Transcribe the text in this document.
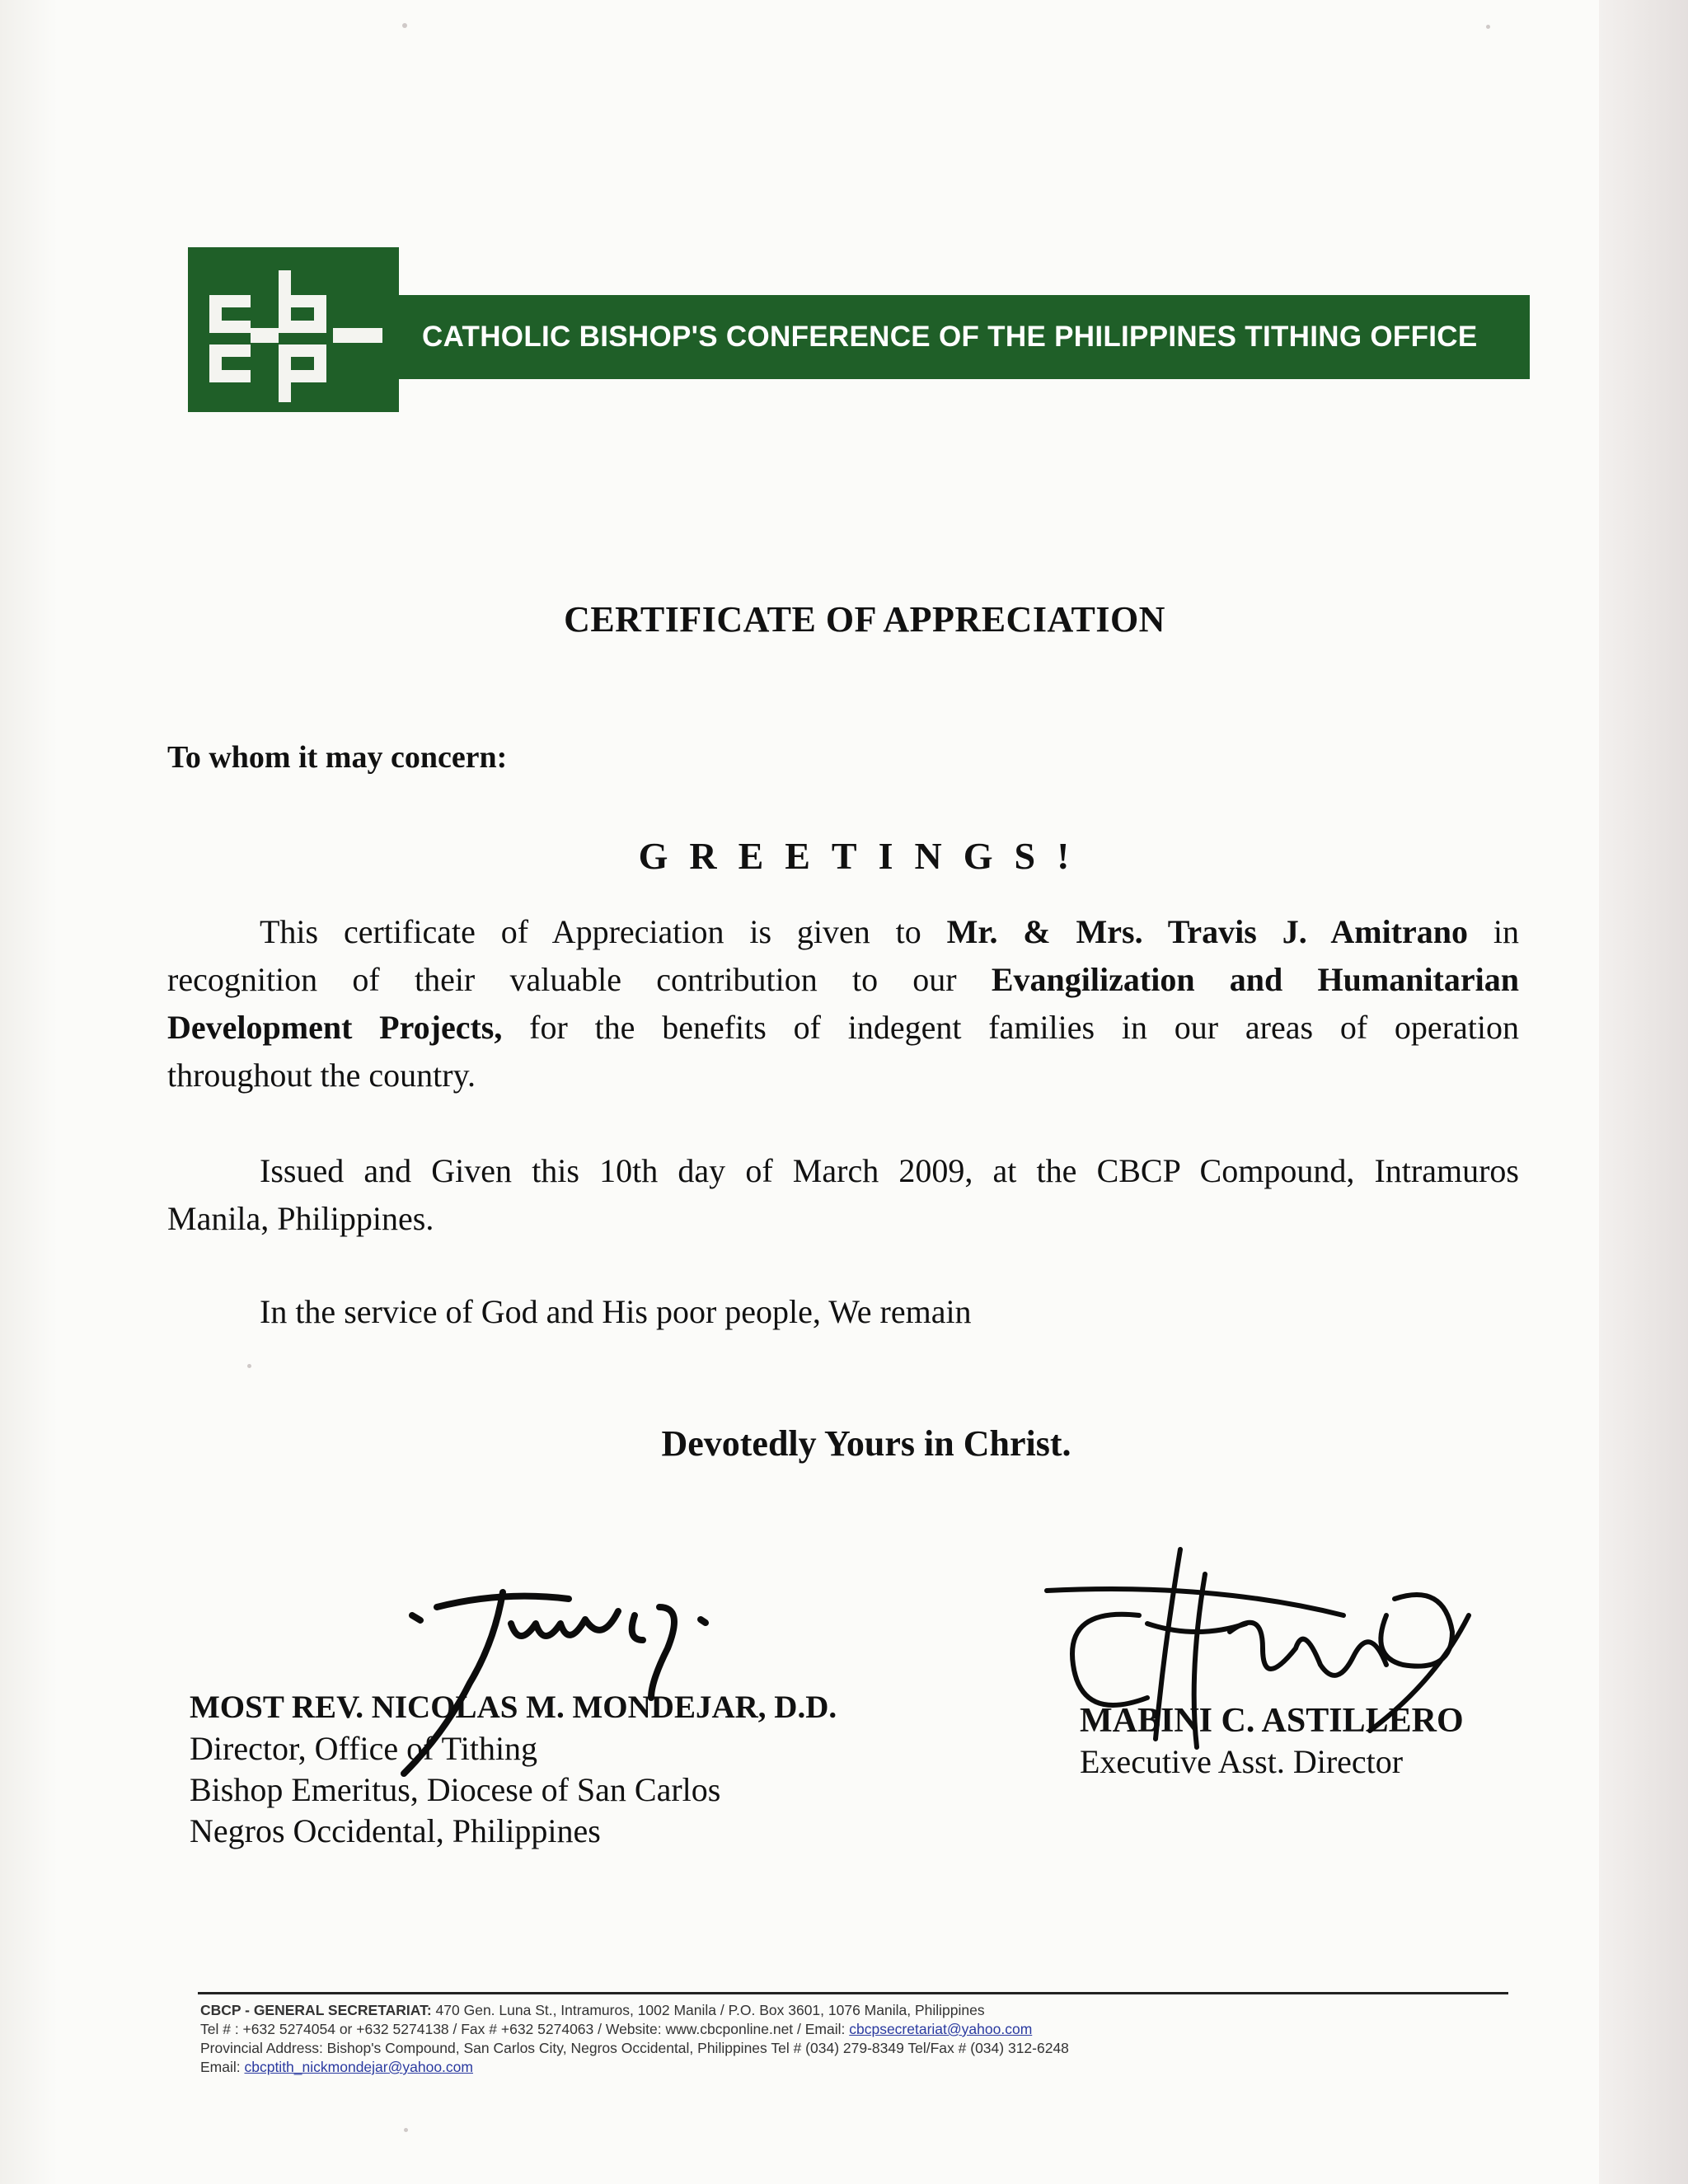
CATHOLIC BISHOP'S CONFERENCE OF THE PHILIPPINES TITHING OFFICE
CERTIFICATE OF APPRECIATION
To whom it may concern:
GREETINGS!
This certificate of Appreciation is given to Mr. & Mrs. Travis J. Amitrano in
recognition of their valuable contribution to our Evangilization and Humanitarian
Development Projects, for the benefits of indegent families in our areas of operation
throughout the country.
Issued and Given this 10th day of March 2009, at the CBCP Compound, Intramuros
Manila, Philippines.
In the service of God and His poor people, We remain
Devotedly Yours in Christ.
MOST REV. NICOLAS M. MONDEJAR, D.D.
Director, Office of Tithing
Bishop Emeritus, Diocese of San Carlos
Negros Occidental, Philippines
MABINI C. ASTILLERO
Executive Asst. Director
CBCP - GENERAL SECRETARIAT: 470 Gen. Luna St., Intramuros, 1002 Manila / P.O. Box 3601, 1076 Manila, Philippines
Tel # : +632 5274054 or +632 5274138 / Fax # +632 5274063 / Website: www.cbcponline.net / Email: cbcpsecretariat@yahoo.com
Provincial Address: Bishop's Compound, San Carlos City, Negros Occidental, Philippines Tel # (034) 279-8349 Tel/Fax # (034) 312-6248
Email: cbcptith_nickmondejar@yahoo.com
